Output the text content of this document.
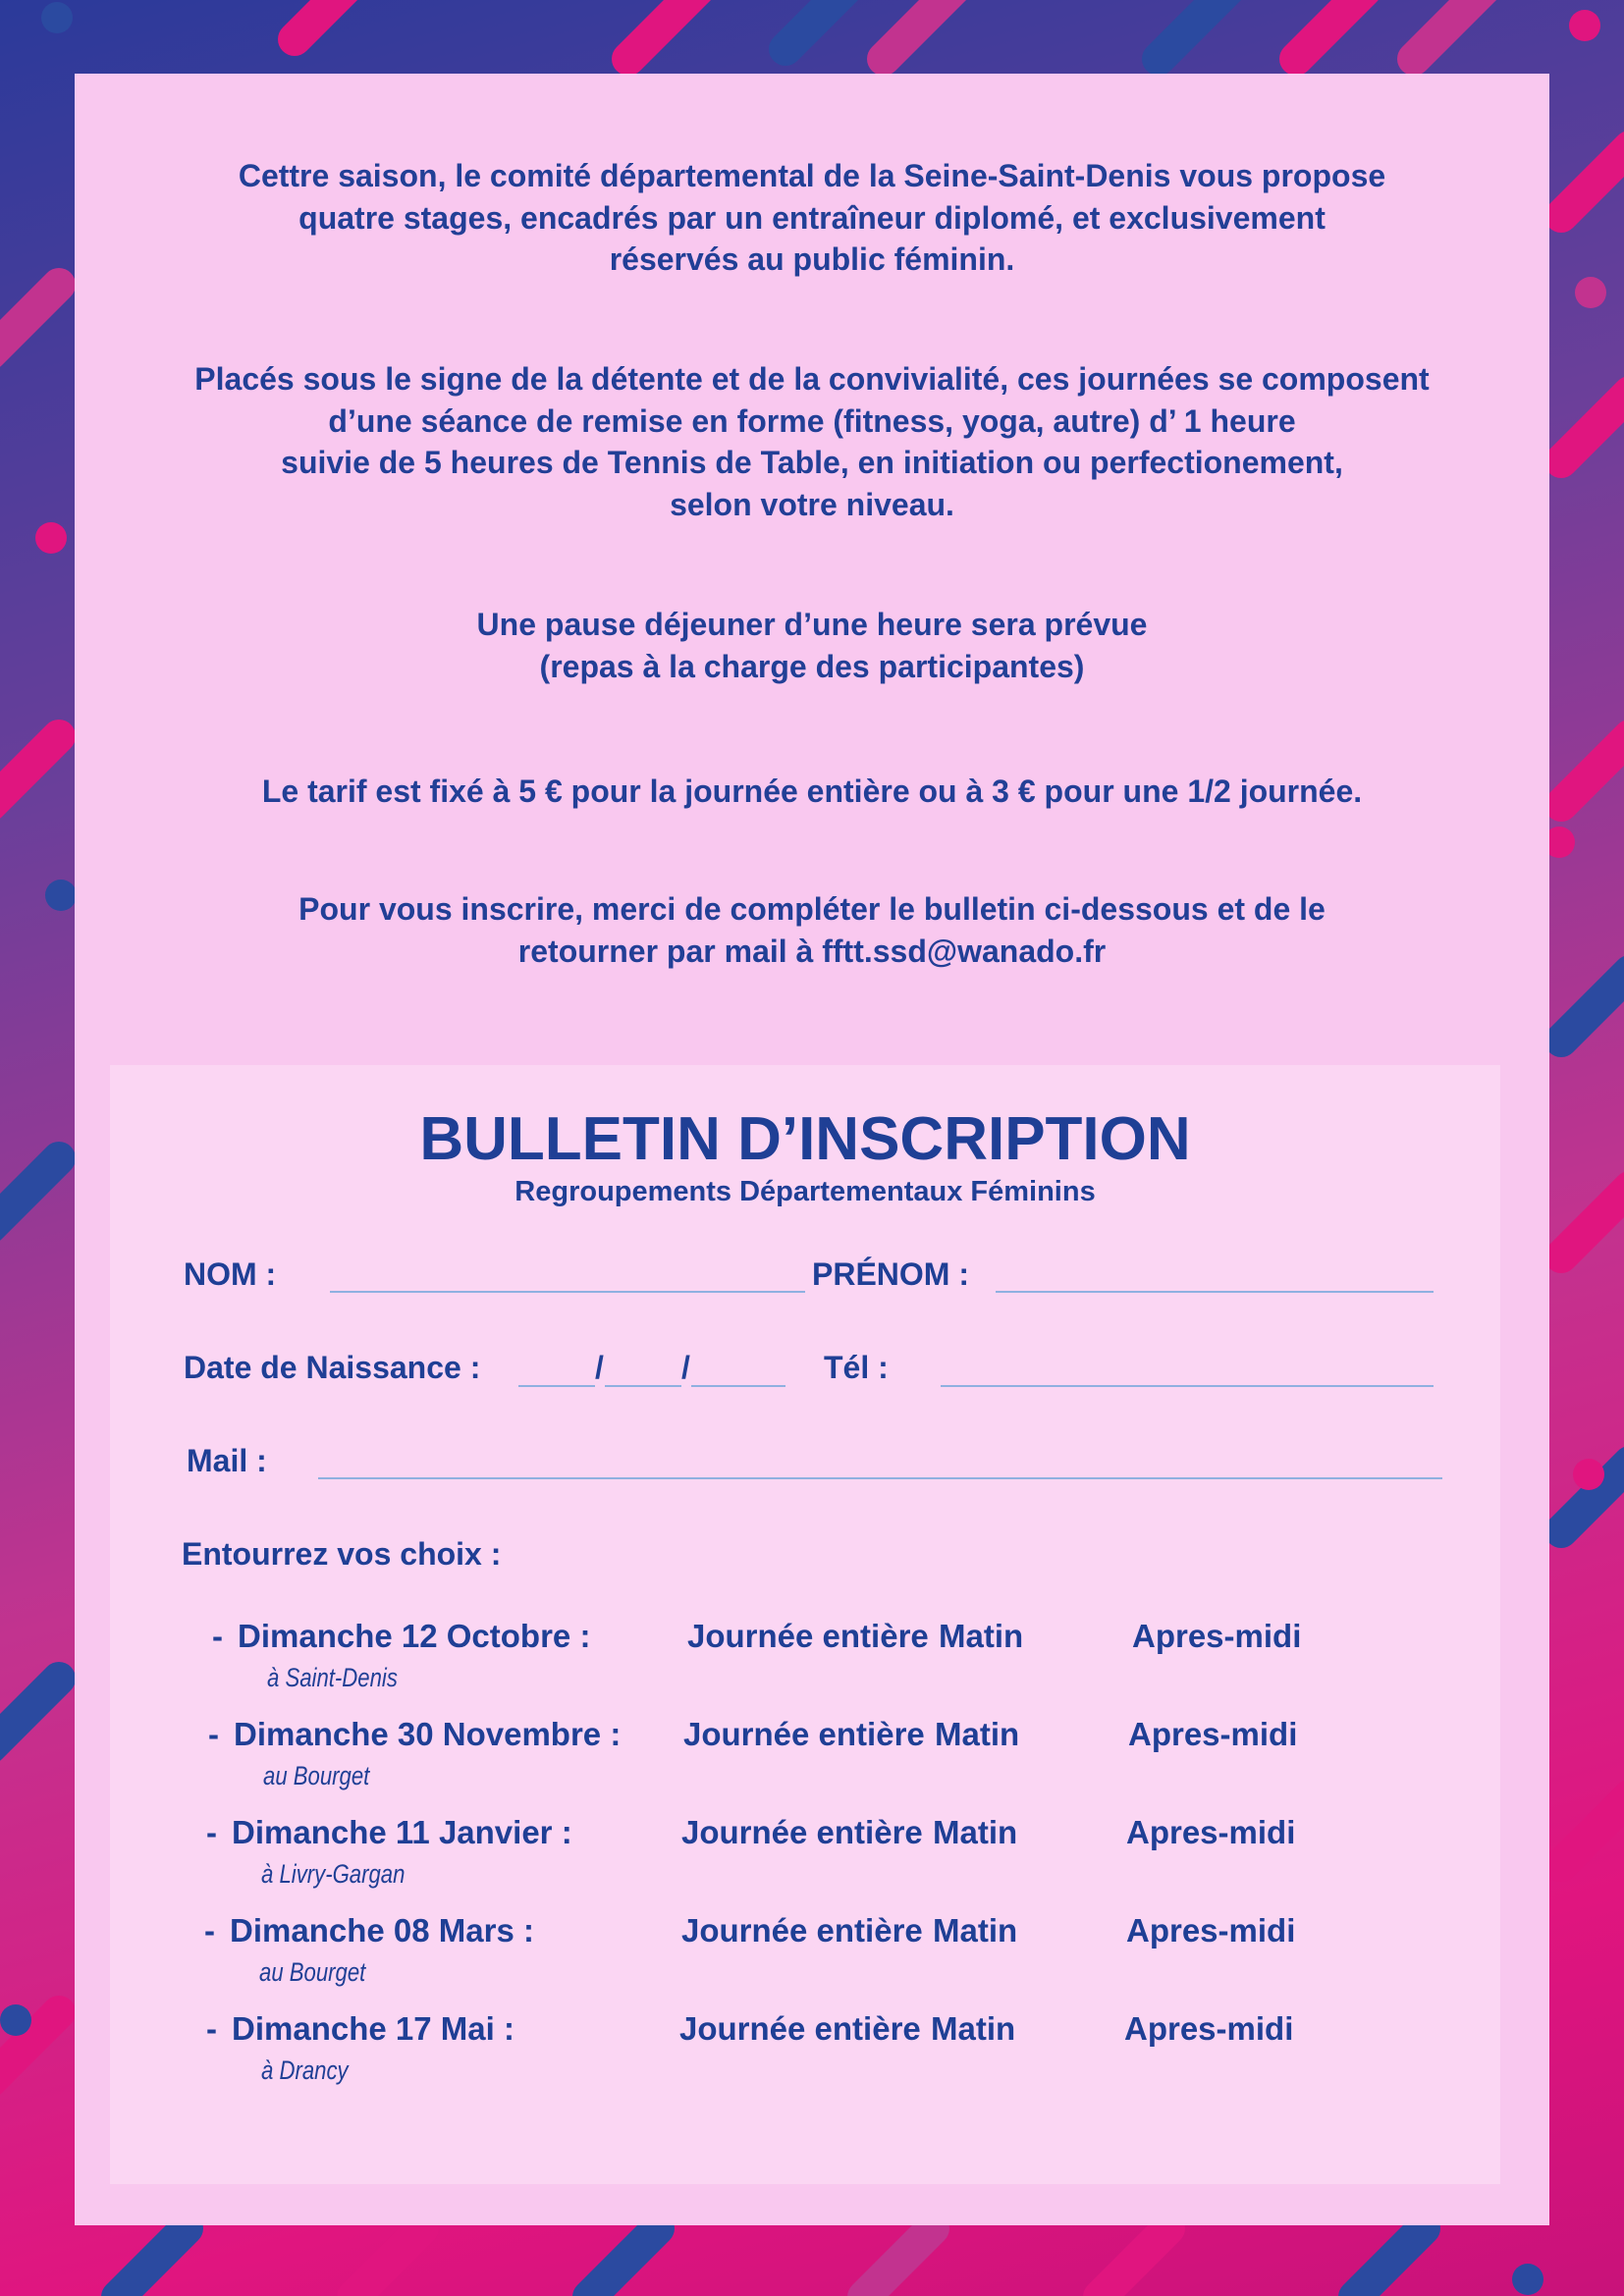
Cettre saison, le comité départemental de la Seine-Saint-Denis vous propose

quatre stages, encadrés par un entraîneur diplomé, et exclusivement

réservés au public féminin.

Placés sous le signe de la détente et de la convivialité, ces journées se composent

d’une séance de remise en forme (fitness, yoga, autre) d’ 1 heure

suivie de 5 heures de Tennis de Table, en initiation ou perfectionement,

selon votre niveau.

Une pause déjeuner d’une heure sera prévue

(repas à la charge des participantes)

Le tarif est fixé à 5 € pour la journée entière ou à 3 € pour une 1/2 journée.

Pour vous inscrire, merci de compléter le bulletin ci-dessous et de le

retourner par mail à fftt.ssd@wanado.fr

BULLETIN D’INSCRIPTION
Regroupements Départementaux Féminins
NOM :	PRÉNOM :
Date de Naissance :	/ /	Tél :
Mail :
Entourrez vos choix :
- Dimanche 12 Octobre :
à Saint-Denis
Journée entière Matin	Apres-midi
- Dimanche 30 Novembre :
au Bourget
Journée entière Matin	Apres-midi
- Dimanche 11 Janvier :
à Livry-Gargan
Journée entière Matin	Apres-midi
- Dimanche 08 Mars :
au Bourget
Journée entière Matin	Apres-midi
- Dimanche 17 Mai :
à Drancy
Journée entière Matin	Apres-midi
